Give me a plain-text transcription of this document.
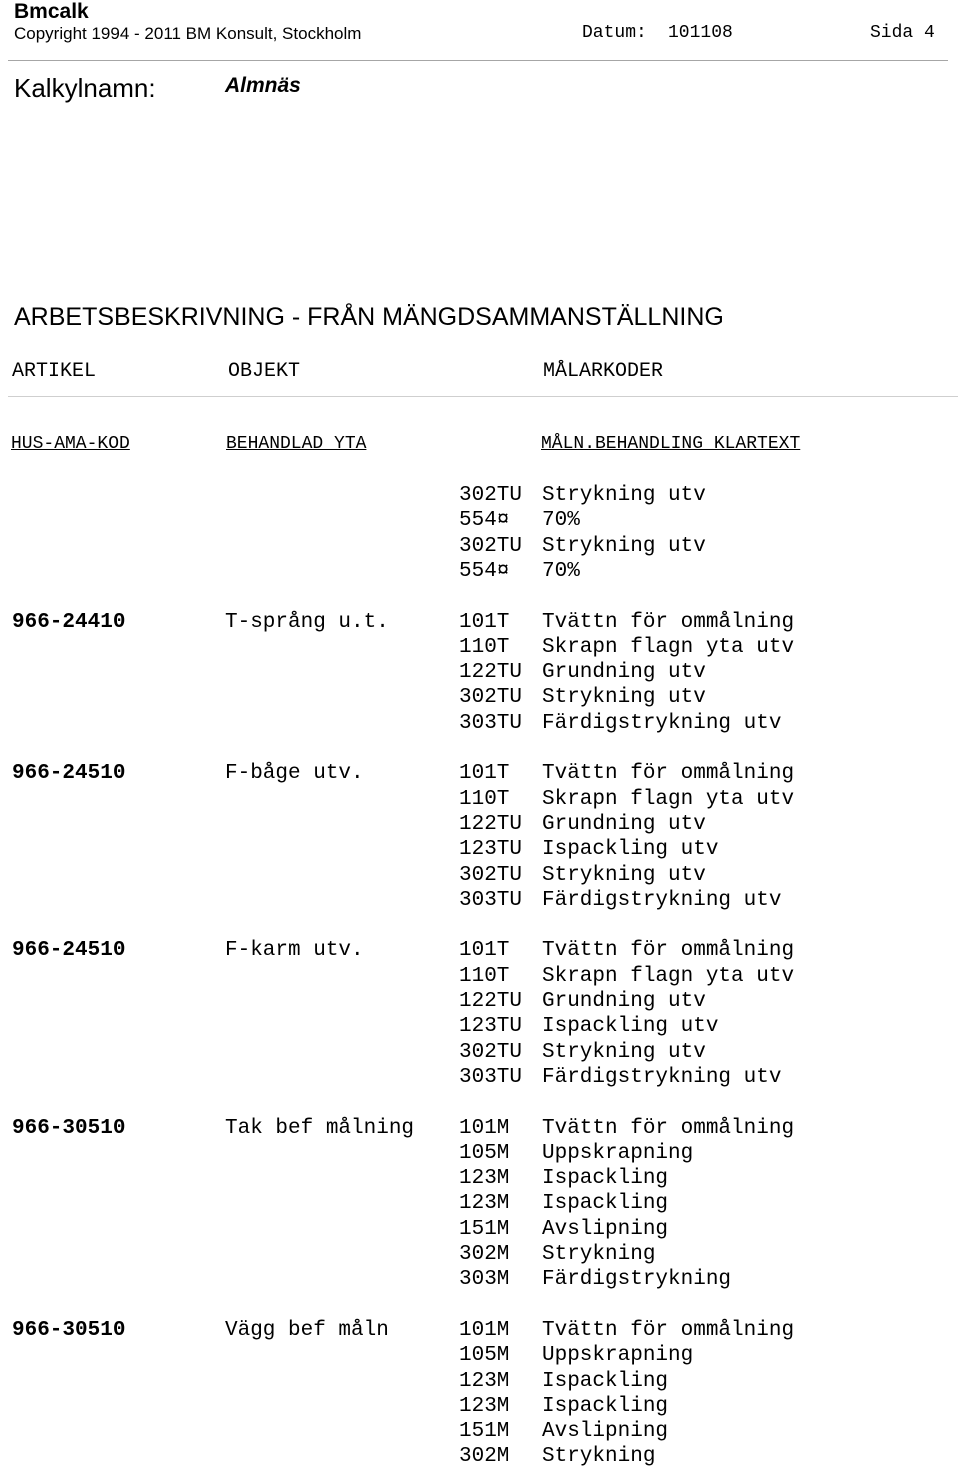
Bmcalk
Copyright 1994 - 2011 BM Konsult, Stockholm	Datum: 101108	Sida 4
Kalkylnamn:	Almnäs
ARBETSBESKRIVNING - FRÅN MÄNGDSAMMANSTÄLLNING
ARTIKEL	OBJEKT	MÅLARKODER
HUS-AMA-KOD	BEHANDLAD YTA	MÅLN.BEHANDLING KLARTEXT
302TU Strykning utv
554¤ 70%
302TU Strykning utv
554¤ 70%
966-24410	T-språng u.t.	101T Tvättn för ommålning
110T Skrapn flagn yta utv
122TU Grundning utv
302TU Strykning utv
303TU Färdigstrykning utv
966-24510	F-båge utv.	101T Tvättn för ommålning
110T Skrapn flagn yta utv
122TU Grundning utv
123TU Ispackling utv
302TU Strykning utv
303TU Färdigstrykning utv
966-24510	F-karm utv.	101T Tvättn för ommålning
110T Skrapn flagn yta utv
122TU Grundning utv
123TU Ispackling utv
302TU Strykning utv
303TU Färdigstrykning utv
966-30510	Tak bef målning 101M Tvättn för ommålning
105M Uppskrapning
123M Ispackling
123M Ispackling
151M Avslipning
302M Strykning
303M Färdigstrykning
966-30510	Vägg bef måln	101M Tvättn för ommålning
105M Uppskrapning
123M Ispackling
123M Ispackling
151M Avslipning
302M Strykning
